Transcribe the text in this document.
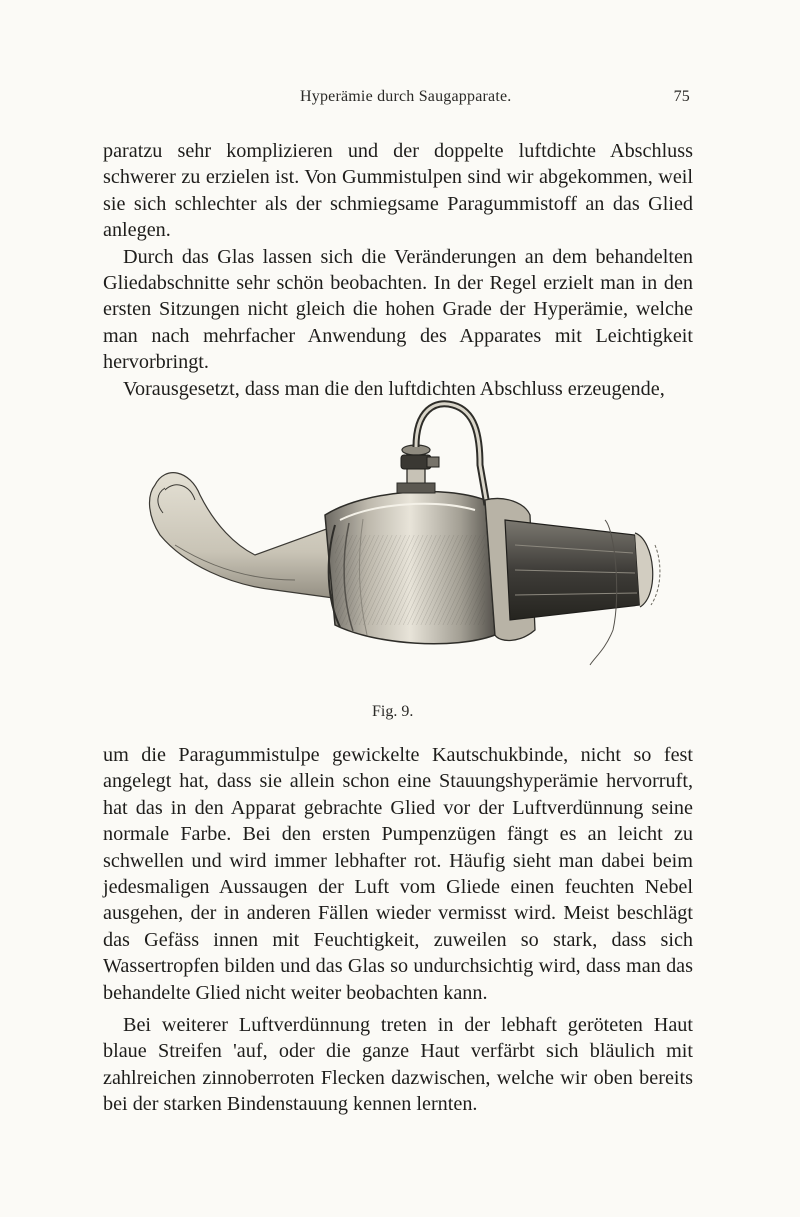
Hyperämie durch Saugapparate.	75

paratzu sehr komplizieren und der doppelte luftdichte Abschluss schwerer zu erzielen ist. Von Gummistulpen sind wir abgekommen, weil sie sich schlechter als der schmiegsame Paragummistoff an das Glied anlegen.

Durch das Glas lassen sich die Veränderungen an dem behandelten Gliedabschnitte sehr schön beobachten. In der Regel erzielt man in den ersten Sitzungen nicht gleich die hohen Grade der Hyperämie, welche man nach mehrfacher Anwendung des Apparates mit Leichtigkeit hervorbringt.

Vorausgesetzt, dass man die den luftdichten Abschluss erzeugende,

Fig. 9.

um die Paragummistulpe gewickelte Kautschukbinde, nicht so fest angelegt hat, dass sie allein schon eine Stauungshyperämie hervorruft, hat das in den Apparat gebrachte Glied vor der Luftverdünnung seine normale Farbe. Bei den ersten Pumpenzügen fängt es an leicht zu schwellen und wird immer lebhafter rot. Häufig sieht man dabei beim jedesmaligen Aussaugen der Luft vom Gliede einen feuchten Nebel ausgehen, der in anderen Fällen wieder vermisst wird. Meist beschlägt das Gefäss innen mit Feuchtigkeit, zuweilen so stark, dass sich Wassertropfen bilden und das Glas so undurchsichtig wird, dass man das behandelte Glied nicht weiter beobachten kann.

Bei weiterer Luftverdünnung treten in der lebhaft geröteten Haut blaue Streifen 'auf, oder die ganze Haut verfärbt sich bläulich mit zahlreichen zinnoberroten Flecken dazwischen, welche wir oben bereits bei der starken Bindenstauung kennen lernten.
